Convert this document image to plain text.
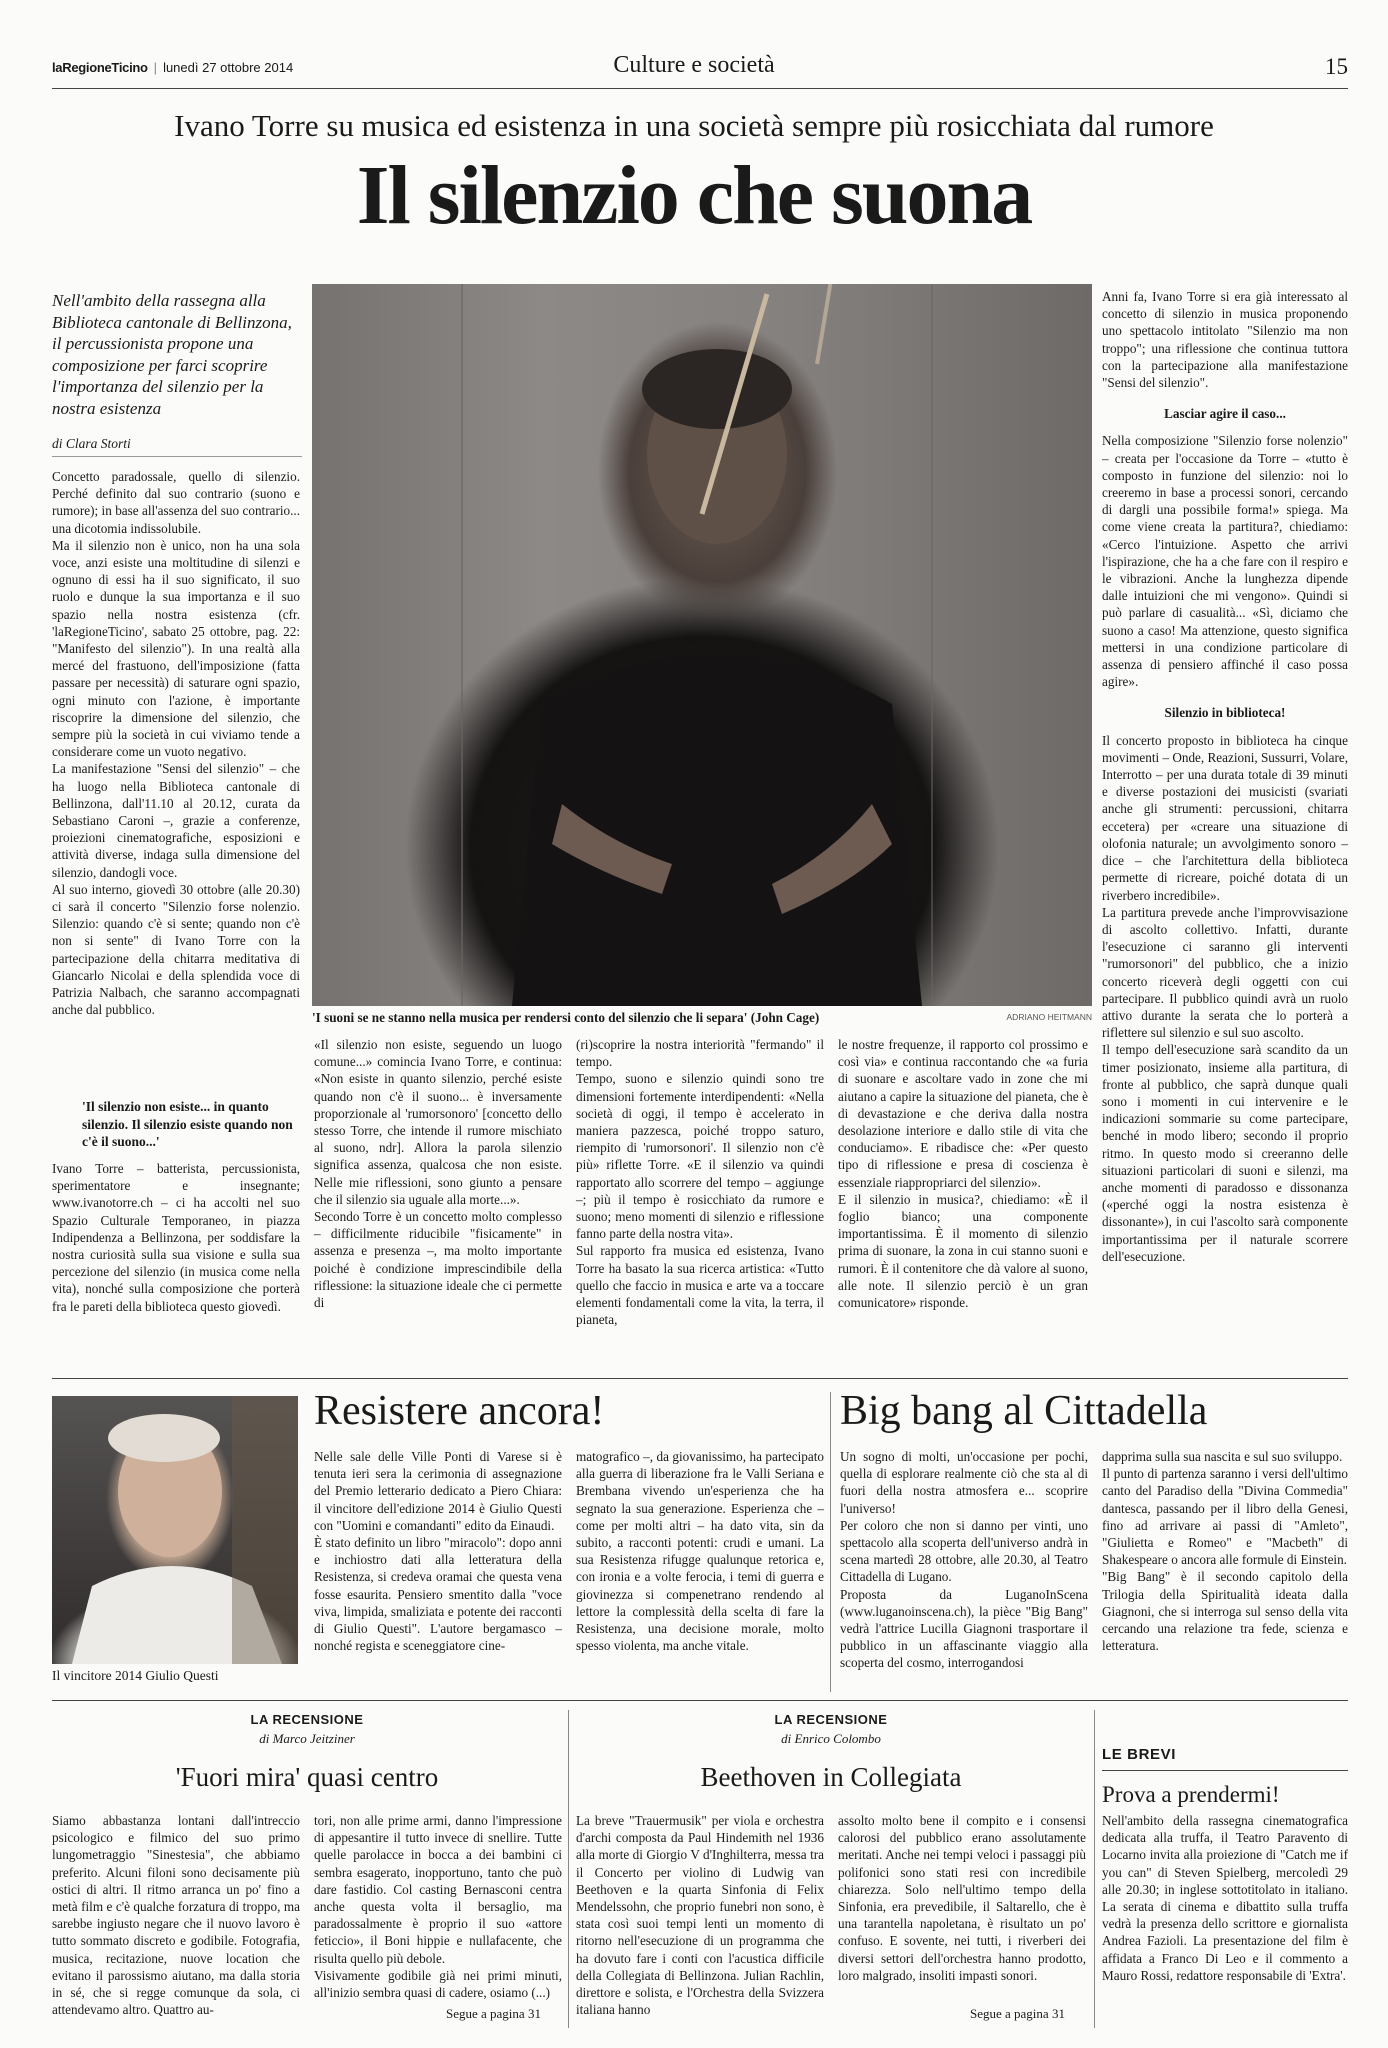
laRegioneTicino | lunedì 27 ottobre 2014	Culture e società	15
Ivano Torre su musica ed esistenza in una società sempre più rosicchiata dal rumore
Il silenzio che suona
Nell'ambito della rassegna alla Biblioteca cantonale di Bellinzona, il percussionista propone una composizione per farci scoprire l'importanza del silenzio per la nostra esistenza
di Clara Storti

Concetto paradossale, quello di silenzio. Perché definito dal suo contrario (suono e rumore); in base all'assenza del suo contrario... una dicotomia indissolubile.

Ma il silenzio non è unico, non ha una sola voce, anzi esiste una moltitudine di silenzi e ognuno di essi ha il suo significato, il suo ruolo e dunque la sua importanza e il suo spazio nella nostra esistenza (cfr. 'laRegioneTicino', sabato 25 ottobre, pag. 22: "Manifesto del silenzio"). In una realtà alla mercé del frastuono, dell'imposizione (fatta passare per necessità) di saturare ogni spazio, ogni minuto con l'azione, è importante riscoprire la dimensione del silenzio, che sempre più la società in cui viviamo tende a considerare come un vuoto negativo.

La manifestazione "Sensi del silenzio" – che ha luogo nella Biblioteca cantonale di Bellinzona, dall'11.10 al 20.12, curata da Sebastiano Caroni –, grazie a conferenze, proiezioni cinematografiche, esposizioni e attività diverse, indaga sulla dimensione del silenzio, dandogli voce.

Al suo interno, giovedì 30 ottobre (alle 20.30) ci sarà il concerto "Silenzio forse nolenzio. Silenzio: quando c'è si sente; quando non c'è non si sente" di Ivano Torre con la partecipazione della chitarra meditativa di Giancarlo Nicolai e della splendida voce di Patrizia Nalbach, che saranno accompagnati anche dal pubblico.

'Il silenzio non esiste... in quanto silenzio. Il silenzio esiste quando non c'è il suono...'

Ivano Torre – batterista, percussionista, sperimentatore e insegnante; www.ivanotorre.ch – ci ha accolti nel suo Spazio Culturale Temporaneo, in piazza Indipendenza a Bellinzona, per soddisfare la nostra curiosità sulla sua visione e sulla sua percezione del silenzio (in musica come nella vita), nonché sulla composizione che porterà fra le pareti della biblioteca questo giovedì.

'I suoni se ne stanno nella musica per rendersi conto del silenzio che li separa' (John Cage)	ADRIANO HEITMANN

«Il silenzio non esiste, seguendo un luogo comune...» comincia Ivano Torre, e continua: «Non esiste in quanto silenzio, perché esiste quando non c'è il suono... è inversamente proporzionale al 'rumorsonoro' [concetto dello stesso Torre, che intende il rumore mischiato al suono, ndr]. Allora la parola silenzio significa assenza, qualcosa che non esiste. Nelle mie riflessioni, sono giunto a pensare che il silenzio sia uguale alla morte...».

Secondo Torre è un concetto molto complesso – difficilmente riducibile "fisicamente" in assenza e presenza –, ma molto importante poiché è condizione imprescindibile della riflessione: la situazione ideale che ci permette di

(ri)scoprire la nostra interiorità "fermando" il tempo.

Tempo, suono e silenzio quindi sono tre dimensioni fortemente interdipendenti: «Nella società di oggi, il tempo è accelerato in maniera pazzesca, poiché troppo saturo, riempito di 'rumorsonori'. Il silenzio non c'è più» riflette Torre. «E il silenzio va quindi rapportato allo scorrere del tempo – aggiunge –; più il tempo è rosicchiato da rumore e suono; meno momenti di silenzio e riflessione fanno parte della nostra vita».

Sul rapporto fra musica ed esistenza, Ivano Torre ha basato la sua ricerca artistica: «Tutto quello che faccio in musica e arte va a toccare elementi fondamentali come la vita, la terra, il pianeta,

le nostre frequenze, il rapporto col prossimo e così via» e continua raccontando che «a furia di suonare e ascoltare vado in zone che mi aiutano a capire la situazione del pianeta, che è di devastazione e che deriva dalla nostra desolazione interiore e dallo stile di vita che conduciamo». E ribadisce che: «Per questo tipo di riflessione e presa di coscienza è essenziale riappropriarci del silenzio».

E il silenzio in musica?, chiediamo: «È il foglio bianco; una componente importantissima. È il momento di silenzio prima di suonare, la zona in cui stanno suoni e rumori. È il contenitore che dà valore al suono, alle note. Il silenzio perciò è un gran comunicatore» risponde.

Anni fa, Ivano Torre si era già interessato al concetto di silenzio in musica proponendo uno spettacolo intitolato "Silenzio ma non troppo"; una riflessione che continua tuttora con la partecipazione alla manifestazione "Sensi del silenzio".

Lasciar agire il caso...

Nella composizione "Silenzio forse nolenzio" – creata per l'occasione da Torre – «tutto è composto in funzione del silenzio: noi lo creeremo in base a processi sonori, cercando di dargli una possibile forma!» spiega. Ma come viene creata la partitura?, chiediamo: «Cerco l'intuizione. Aspetto che arrivi l'ispirazione, che ha a che fare con il respiro e le vibrazioni. Anche la lunghezza dipende dalle intuizioni che mi vengono». Quindi si può parlare di casualità... «Sì, diciamo che suono a caso! Ma attenzione, questo significa mettersi in una condizione particolare di assenza di pensiero affinché il caso possa agire».

Silenzio in biblioteca!

Il concerto proposto in biblioteca ha cinque movimenti – Onde, Reazioni, Sussurri, Volare, Interrotto – per una durata totale di 39 minuti e diverse postazioni dei musicisti (svariati anche gli strumenti: percussioni, chitarra eccetera) per «creare una situazione di olofonia naturale; un avvolgimento sonoro – dice – che l'architettura della biblioteca permette di ricreare, poiché dotata di un riverbero incredibile».

La partitura prevede anche l'improvvisazione di ascolto collettivo. Infatti, durante l'esecuzione ci saranno gli interventi "rumorsonori" del pubblico, che a inizio concerto riceverà degli oggetti con cui partecipare. Il pubblico quindi avrà un ruolo attivo durante la serata che lo porterà a riflettere sul silenzio e sul suo ascolto.

Il tempo dell'esecuzione sarà scandito da un timer posizionato, insieme alla partitura, di fronte al pubblico, che saprà dunque quali sono i momenti in cui intervenire e le indicazioni sommarie su come partecipare, benché in modo libero; secondo il proprio ritmo. In questo modo si creeranno delle situazioni particolari di suoni e silenzi, ma anche momenti di paradosso e dissonanza («perché oggi la nostra esistenza è dissonante»), in cui l'ascolto sarà componente importantissima per il naturale scorrere dell'esecuzione.

Il vincitore 2014 Giulio Questi
Resistere ancora!

Nelle sale delle Ville Ponti di Varese si è tenuta ieri sera la cerimonia di assegnazione del Premio letterario dedicato a Piero Chiara: il vincitore dell'edizione 2014 è Giulio Questi con "Uomini e comandanti" edito da Einaudi.

È stato definito un libro "miracolo": dopo anni e inchiostro dati alla letteratura della Resistenza, si credeva oramai che questa vena fosse esaurita. Pensiero smentito dalla "voce viva, limpida, smaliziata e potente dei racconti di Giulio Questi". L'autore bergamasco – nonché regista e sceneggiatore cine-

matografico –, da giovanissimo, ha partecipato alla guerra di liberazione fra le Valli Seriana e Brembana vivendo un'esperienza che ha segnato la sua generazione. Esperienza che – come per molti altri – ha dato vita, sin da subito, a racconti potenti: crudi e umani. La sua Resistenza rifugge qualunque retorica e, con ironia e a volte ferocia, i temi di guerra e giovinezza si compenetrano rendendo al lettore la complessità della scelta di fare la Resistenza, una decisione morale, molto spesso violenta, ma anche vitale.

Big bang al Cittadella

Un sogno di molti, un'occasione per pochi, quella di esplorare realmente ciò che sta al di fuori della nostra atmosfera e... scoprire l'universo!

Per coloro che non si danno per vinti, uno spettacolo alla scoperta dell'universo andrà in scena martedì 28 ottobre, alle 20.30, al Teatro Cittadella di Lugano.

Proposta da LuganoInScena (www.luganoinscena.ch), la pièce "Big Bang" vedrà l'attrice Lucilla Giagnoni trasportare il pubblico in un affascinante viaggio alla scoperta del cosmo, interrogandosi

dapprima sulla sua nascita e sul suo sviluppo.

Il punto di partenza saranno i versi dell'ultimo canto del Paradiso della "Divina Commedia" dantesca, passando per il libro della Genesi, fino ad arrivare ai passi di "Amleto", "Giulietta e Romeo" e "Macbeth" di Shakespeare o ancora alle formule di Einstein.

"Big Bang" è il secondo capitolo della Trilogia della Spiritualità ideata dalla Giagnoni, che si interroga sul senso della vita cercando una relazione tra fede, scienza e letteratura.

LA RECENSIONE
di Marco Jeitziner
'Fuori mira' quasi centro

Siamo abbastanza lontani dall'intreccio psicologico e filmico del suo primo lungometraggio "Sinestesia", che abbiamo preferito. Alcuni filoni sono decisamente più ostici di altri. Il ritmo arranca un po' fino a metà film e c'è qualche forzatura di troppo, ma sarebbe ingiusto negare che il nuovo lavoro è tutto sommato discreto e godibile. Fotografia, musica, recitazione, nuove location che evitano il parossismo aiutano, ma dalla storia in sé, che si regge comunque da sola, ci attendevamo altro. Quattro au-

tori, non alle prime armi, danno l'impressione di appesantire il tutto invece di snellire. Tutte quelle parolacce in bocca a dei bambini ci sembra esagerato, inopportuno, tanto che può dare fastidio. Col casting Bernasconi centra anche questa volta il bersaglio, ma paradossalmente è proprio il suo «attore feticcio», il Boni hippie e nullafacente, che risulta quello più debole.

Visivamente godibile già nei primi minuti, all'inizio sembra quasi di cadere, osiamo (...)

Segue a pagina 31
LA RECENSIONE
di Enrico Colombo
Beethoven in Collegiata

La breve "Trauermusik" per viola e orchestra d'archi composta da Paul Hindemith nel 1936 alla morte di Giorgio V d'Inghilterra, messa tra il Concerto per violino di Ludwig van Beethoven e la quarta Sinfonia di Felix Mendelssohn, che proprio funebri non sono, è stata così suoi tempi lenti un momento di ritorno nell'esecuzione di un programma che ha dovuto fare i conti con l'acustica difficile della Collegiata di Bellinzona. Julian Rachlin, direttore e solista, e l'Orchestra della Svizzera italiana hanno

assolto molto bene il compito e i consensi calorosi del pubblico erano assolutamente meritati. Anche nei tempi veloci i passaggi più polifonici sono stati resi con incredibile chiarezza. Solo nell'ultimo tempo della Sinfonia, era prevedibile, il Saltarello, che è una tarantella napoletana, è risultato un po' confuso. E sovente, nei tutti, i riverberi dei diversi settori dell'orchestra hanno prodotto, loro malgrado, insoliti impasti sonori.

Segue a pagina 31
LE BREVI
Prova a prendermi!

Nell'ambito della rassegna cinematografica dedicata alla truffa, il Teatro Paravento di Locarno invita alla proiezione di "Catch me if you can" di Steven Spielberg, mercoledì 29 alle 20.30; in inglese sottotitolato in italiano. La serata di cinema e dibattito sulla truffa vedrà la presenza dello scrittore e giornalista Andrea Fazioli. La presentazione del film è affidata a Franco Di Leo e il commento a Mauro Rossi, redattore responsabile di 'Extra'.
